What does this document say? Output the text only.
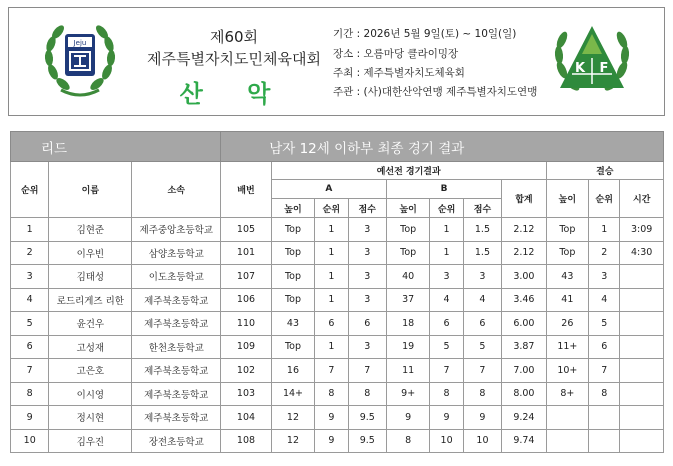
Jeju	제60회
제주특별자치도민체육대회
산 악
기간 : 2026년 5월 9일(토) ~ 10일(일)
장소 : 오름마당 클라이밍장
주최 : 제주특별자치도체육회
주관 : (사)대한산악연맹 제주특별자치도연맹
K F
리드			남자 12세 이하부 최종 경기 결과										
순위	이름	소속	배번	예선전 경기결과							결승		
				A			B			합계	높이	순위	시간
				높이	순위	점수	높이	순위	점수				
1	김현준	제주중앙초등학교	105	Top	1	3	Top	1	1.5	2.12	Top	1	3:09
2	이우빈	삼양초등학교	101	Top	1	3	Top	1	1.5	2.12	Top	2	4:30
3	김태성	이도초등학교	107	Top	1	3	40	3	3	3.00	43	3	
4	로드리게즈 리한	제주북초등학교	106	Top	1	3	37	4	4	3.46	41	4	
5	윤건우	제주북초등학교	110	43	6	6	18	6	6	6.00	26	5	
6	고성재	한천초등학교	109	Top	1	3	19	5	5	3.87	11+	6	
7	고은호	제주북초등학교	102	16	7	7	11	7	7	7.00	10+	7	
8	이시영	제주북초등학교	103	14+	8	8	9+	8	8	8.00	8+	8	
9	정시현	제주북초등학교	104	12	9	9.5	9	9	9	9.24			
10	김우진	장전초등학교	108	12	9	9.5	8	10	10	9.74			
